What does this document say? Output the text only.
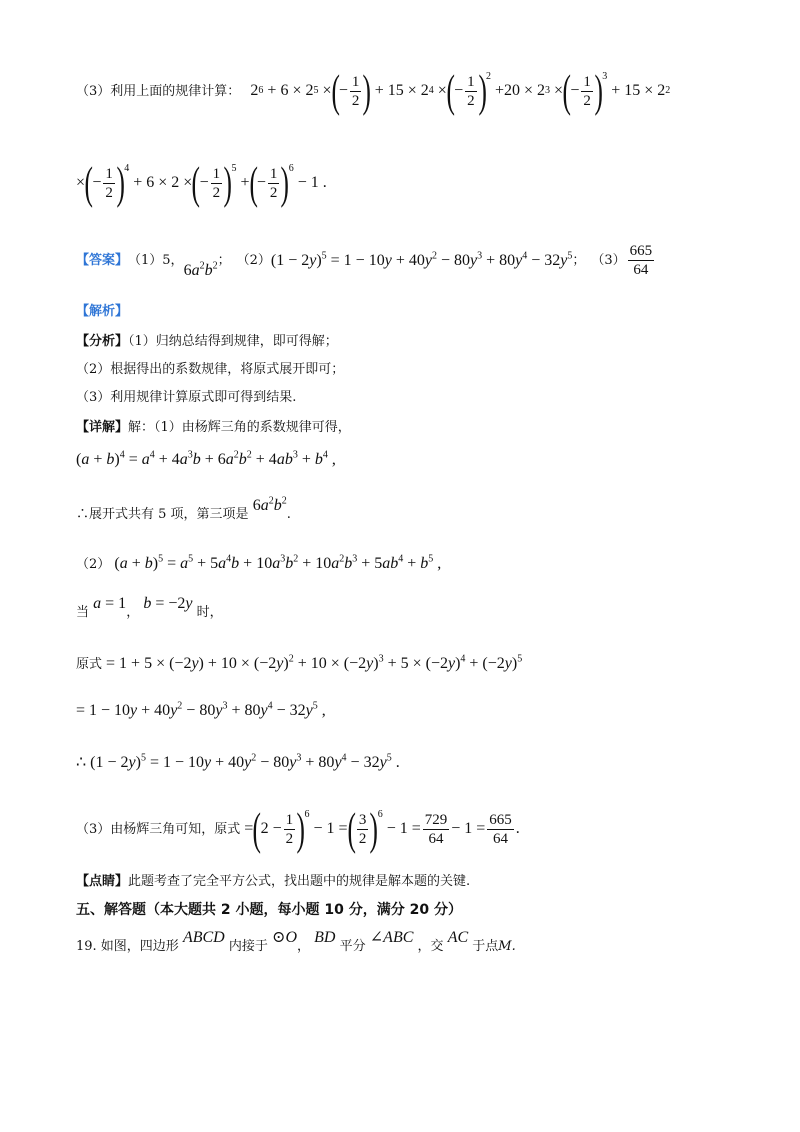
（3）利用上面的规律计算： 2 6 + 6 × 2 5 × ( − $\frac{1}{2}$ ) + 15 × 2 4 × ( − $\frac{1}{2} )^2$
+20 × 2 3 × ( − $\frac{1}{2} )^3$
+ 15 × 2 2
× ( − $\frac{1}{2} )^4$
+ 6 × 2 × ( − $\frac{1}{2} )^5$
+ ( − $\frac{1}{2} )^6$
− 1 .
【答案】 （1）5，
$6a^2b^2$ ； （2） $(1 - 2y)^5 = 1 - 10y + 40y^2 - 80y^3 + 80y^4 - 32y^5$ ； $(3) \frac{665}{64}$
【解析】
【分析】（1）归纳总结得到规律，即可得解；
（2）根据得出的系数规律，将原式展开即可；
（3）利用规律计算原式即可得到结果.
【详解】解：（1）由杨辉三角的系数规律可得，
$(a + b)^4 = a^4 + 4a^3b + 6a^2b^2 + 4ab^3 + b^4$ ,
∴展开式共有 5 项，第三项是 $6a^2b^2$.
（2） $(a + b)^5 = a^5 + 5a^4b + 10a^3b^2 + 10a^2b^3 + 5ab^4 + b^5$ ,
当 a = 1， b = −2y 时，
原式 = $1 + 5 \times (-2y) + 10 \times (-2y)^2 + 10 \times (-2y)^3 + 5 \times (-2y)^4 + (-2y)^5$
= $1 - 10y + 40y^2 - 80y^3 + 80y^4 - 32y^5$ ,
∴ $(1 - 2y)^5 = 1 - 10y + 40y^2 - 80y^3 + 80y^4 - 32y^5$ .
（3）由杨辉三角可知，原式 = ( $2 - \frac{1}{2} )^6$
− 1 = ( $\frac{3}{2} )^6$
− $1 = \frac{729}{64} - 1 = \frac{665}{64}$ .
【点睛】此题考查了完全平方公式，找出题中的规律是解本题的关键.
五、解答题（本大题共 2 小题，每小题 10 分，满分 20 分）
19. 如图，四边形 ABCD 内接于 ⊙O， BD 平分 ∠ABC ，交 AC 于点M.
